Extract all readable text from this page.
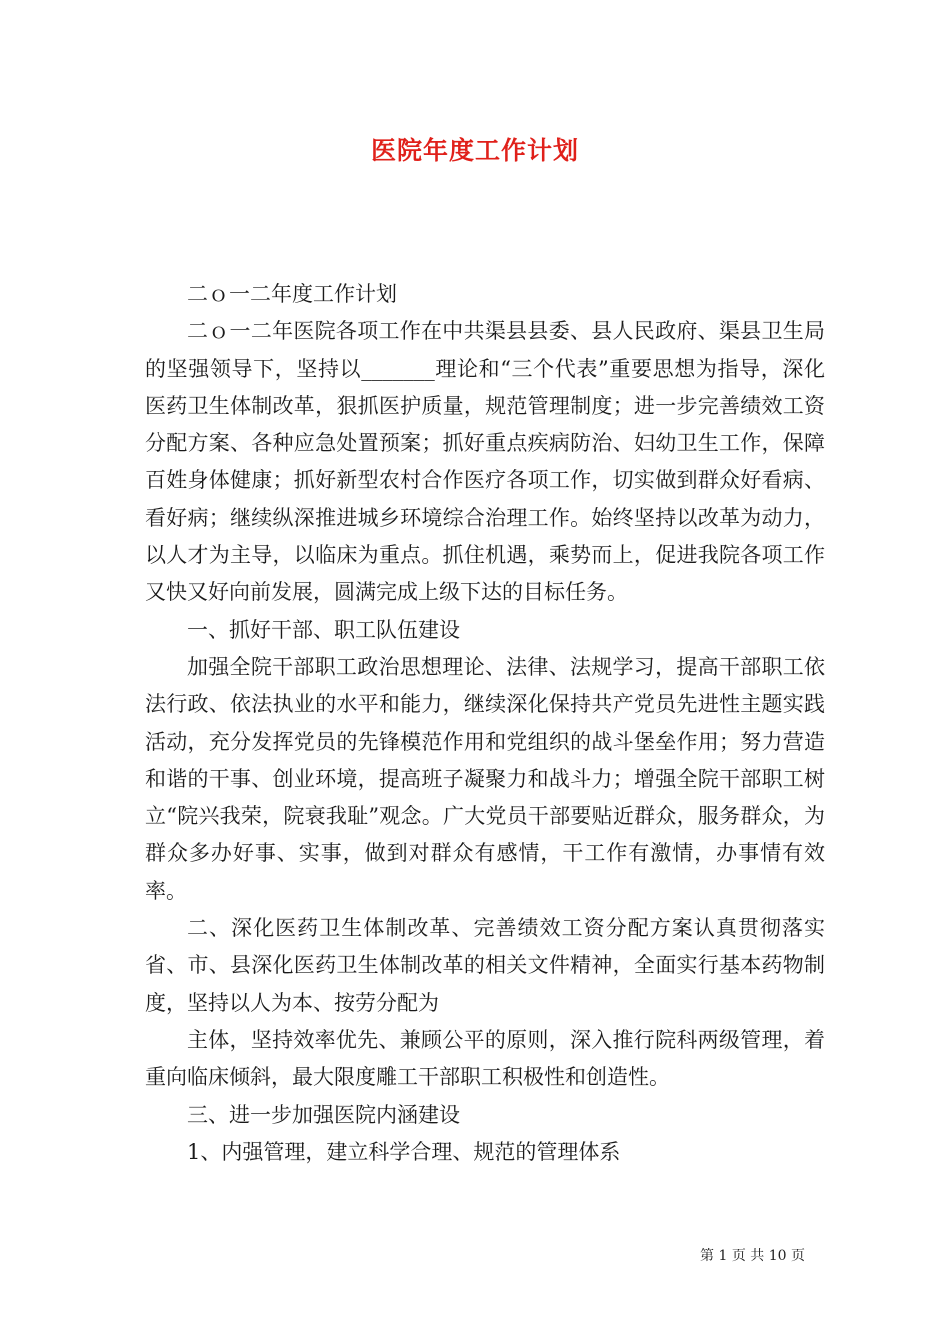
医院年度工作计划

二ｏ一二年度工作计划

二ｏ一二年医院各项工作在中共渠县县委、县人民政府、渠县卫生局的坚强领导下，坚持以_______理论和“三个代表”重要思想为指导，深化医药卫生体制改革，狠抓医护质量，规范管理制度；进一步完善绩效工资分配方案、各种应急处置预案；抓好重点疾病防治、妇幼卫生工作，保障百姓身体健康；抓好新型农村合作医疗各项工作，切实做到群众好看病、看好病；继续纵深推进城乡环境综合治理工作。始终坚持以改革为动力，以人才为主导，以临床为重点。抓住机遇，乘势而上，促进我院各项工作又快又好向前发展，圆满完成上级下达的目标任务。

一、抓好干部、职工队伍建设

加强全院干部职工政治思想理论、法律、法规学习，提高干部职工依法行政、依法执业的水平和能力，继续深化保持共产党员先进性主题实践活动，充分发挥党员的先锋模范作用和党组织的战斗堡垒作用；努力营造和谐的干事、创业环境，提高班子凝聚力和战斗力；增强全院干部职工树立“院兴我荣，院衰我耻”观念。广大党员干部要贴近群众，服务群众，为群众多办好事、实事，做到对群众有感情，干工作有激情，办事情有效率。

二、深化医药卫生体制改革、完善绩效工资分配方案认真贯彻落实省、市、县深化医药卫生体制改革的相关文件精神，全面实行基本药物制度，坚持以人为本、按劳分配为

主体，坚持效率优先、兼顾公平的原则，深入推行院科两级管理，着重向临床倾斜，最大限度雕工干部职工积极性和创造性。

三、进一步加强医院内涵建设

1、内强管理，建立科学合理、规范的管理体系

第 1 页 共 10 页
